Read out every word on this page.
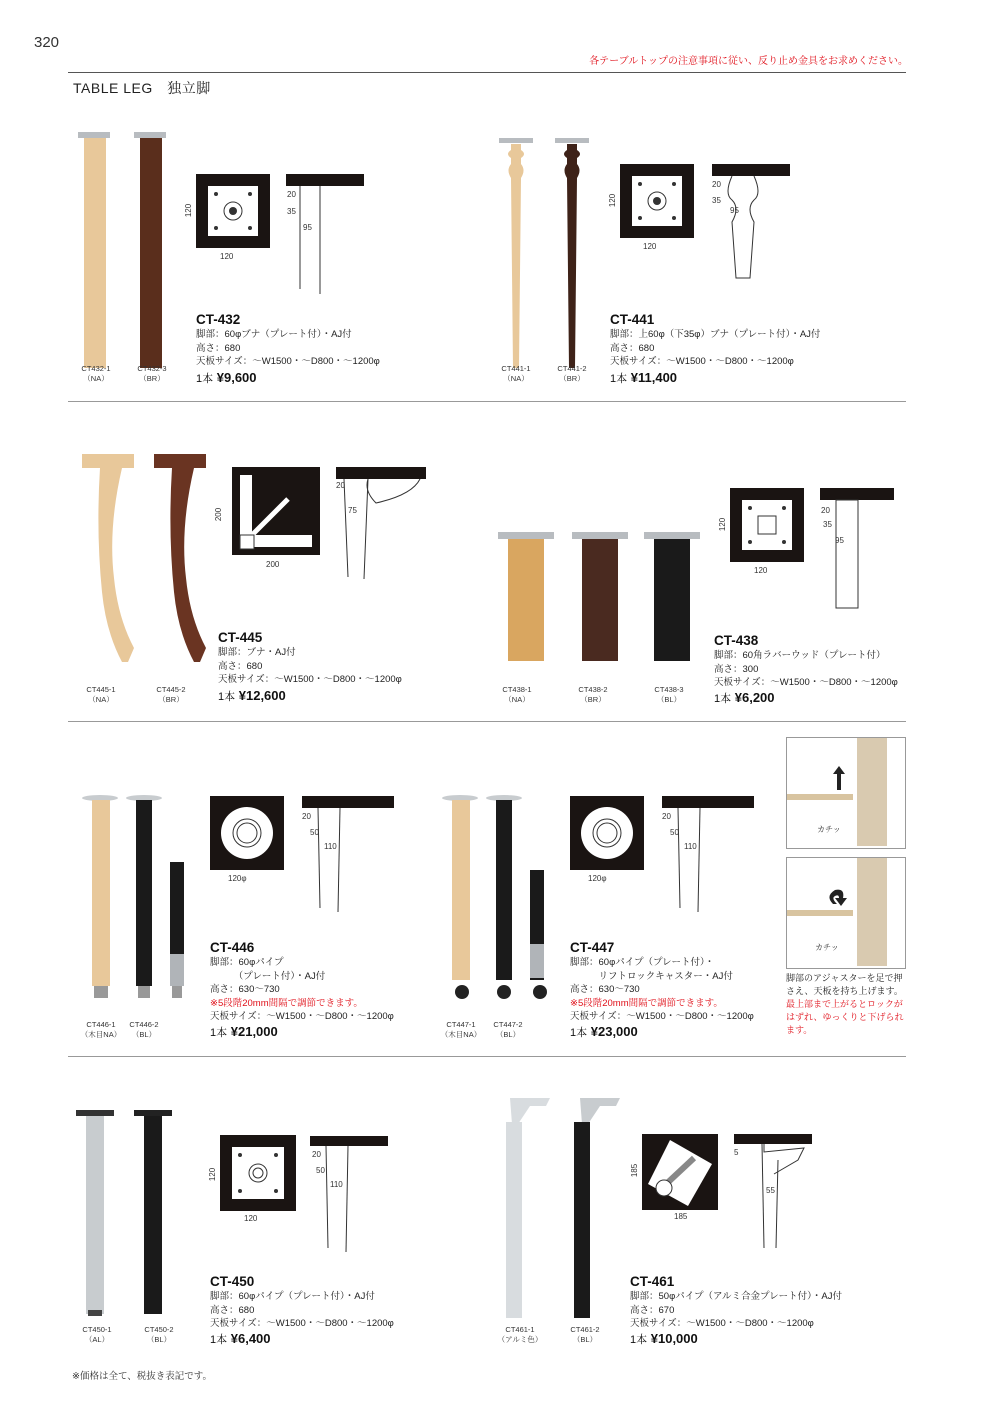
320
各テーブルトップの注意事項に従い、反り止め金具をお求めください。
TABLE LEG　独立脚
CT432-1
（NA）
CT432-3
（BR）
120
120
20
35
95
CT-432
脚部：60φブナ（プレート付）・AJ付
高さ：680
天板サイズ：～W1500・～D800・～1200φ
1本 ¥9,600
CT441-1
（NA）
CT441-2
（BR）
120
120
20
35
95
CT-441
脚部：上60φ（下35φ）ブナ（プレート付）・AJ付
高さ：680
天板サイズ：～W1500・～D800・～1200φ
1本 ¥11,400
CT445-1
（NA）
CT445-2
（BR）
200
200
20
75
CT-445
脚部：ブナ・AJ付
高さ：680
天板サイズ：～W1500・～D800・～1200φ
1本 ¥12,600	CT438-1
（NA）
CT438-2
（BR）
CT438-3
（BL）
120
120
20
35
95
CT-438
脚部：60角ラバーウッド（プレート付）
高さ：300
天板サイズ：～W1500・～D800・～1200φ
1本 ¥6,200
CT446-1
（木目NA）
CT446-2
（BL）
120φ
20
50
110
CT-446
脚部：60φパイプ
　　　（プレート付）・AJ付
高さ：630～730
※5段階20mm間隔で調節できます。
天板サイズ：～W1500・～D800・～1200φ
1本 ¥21,000	CT447-1
（木目NA）
CT447-2
（BL）
120φ
20
50
110
CT-447
脚部：60φパイプ（プレート付）・
　　　リフトロックキャスター・AJ付
高さ：630～730
※5段階20mm間隔で調節できます。
天板サイズ：～W1500・～D800・～1200φ
1本 ¥23,000
カチッ
カチッ
脚部のアジャスターを足で押さえ、天板を持ち上げます。最上部まで上がるとロックがはずれ、ゆっくりと下げられます。
CT450-1
（AL）
CT450-2
（BL）
120
120
20
50
110
CT-450
脚部：60φパイプ（プレート付）・AJ付
高さ：680
天板サイズ：～W1500・～D800・～1200φ
1本 ¥6,400
CT461-1
（アルミ色）
CT461-2
（BL）
185
185
5
55
CT-461
脚部：50φパイプ（アルミ合金プレート付）・AJ付
高さ：670
天板サイズ：～W1500・～D800・～1200φ
1本 ¥10,000
※価格は全て、税抜き表記です。
